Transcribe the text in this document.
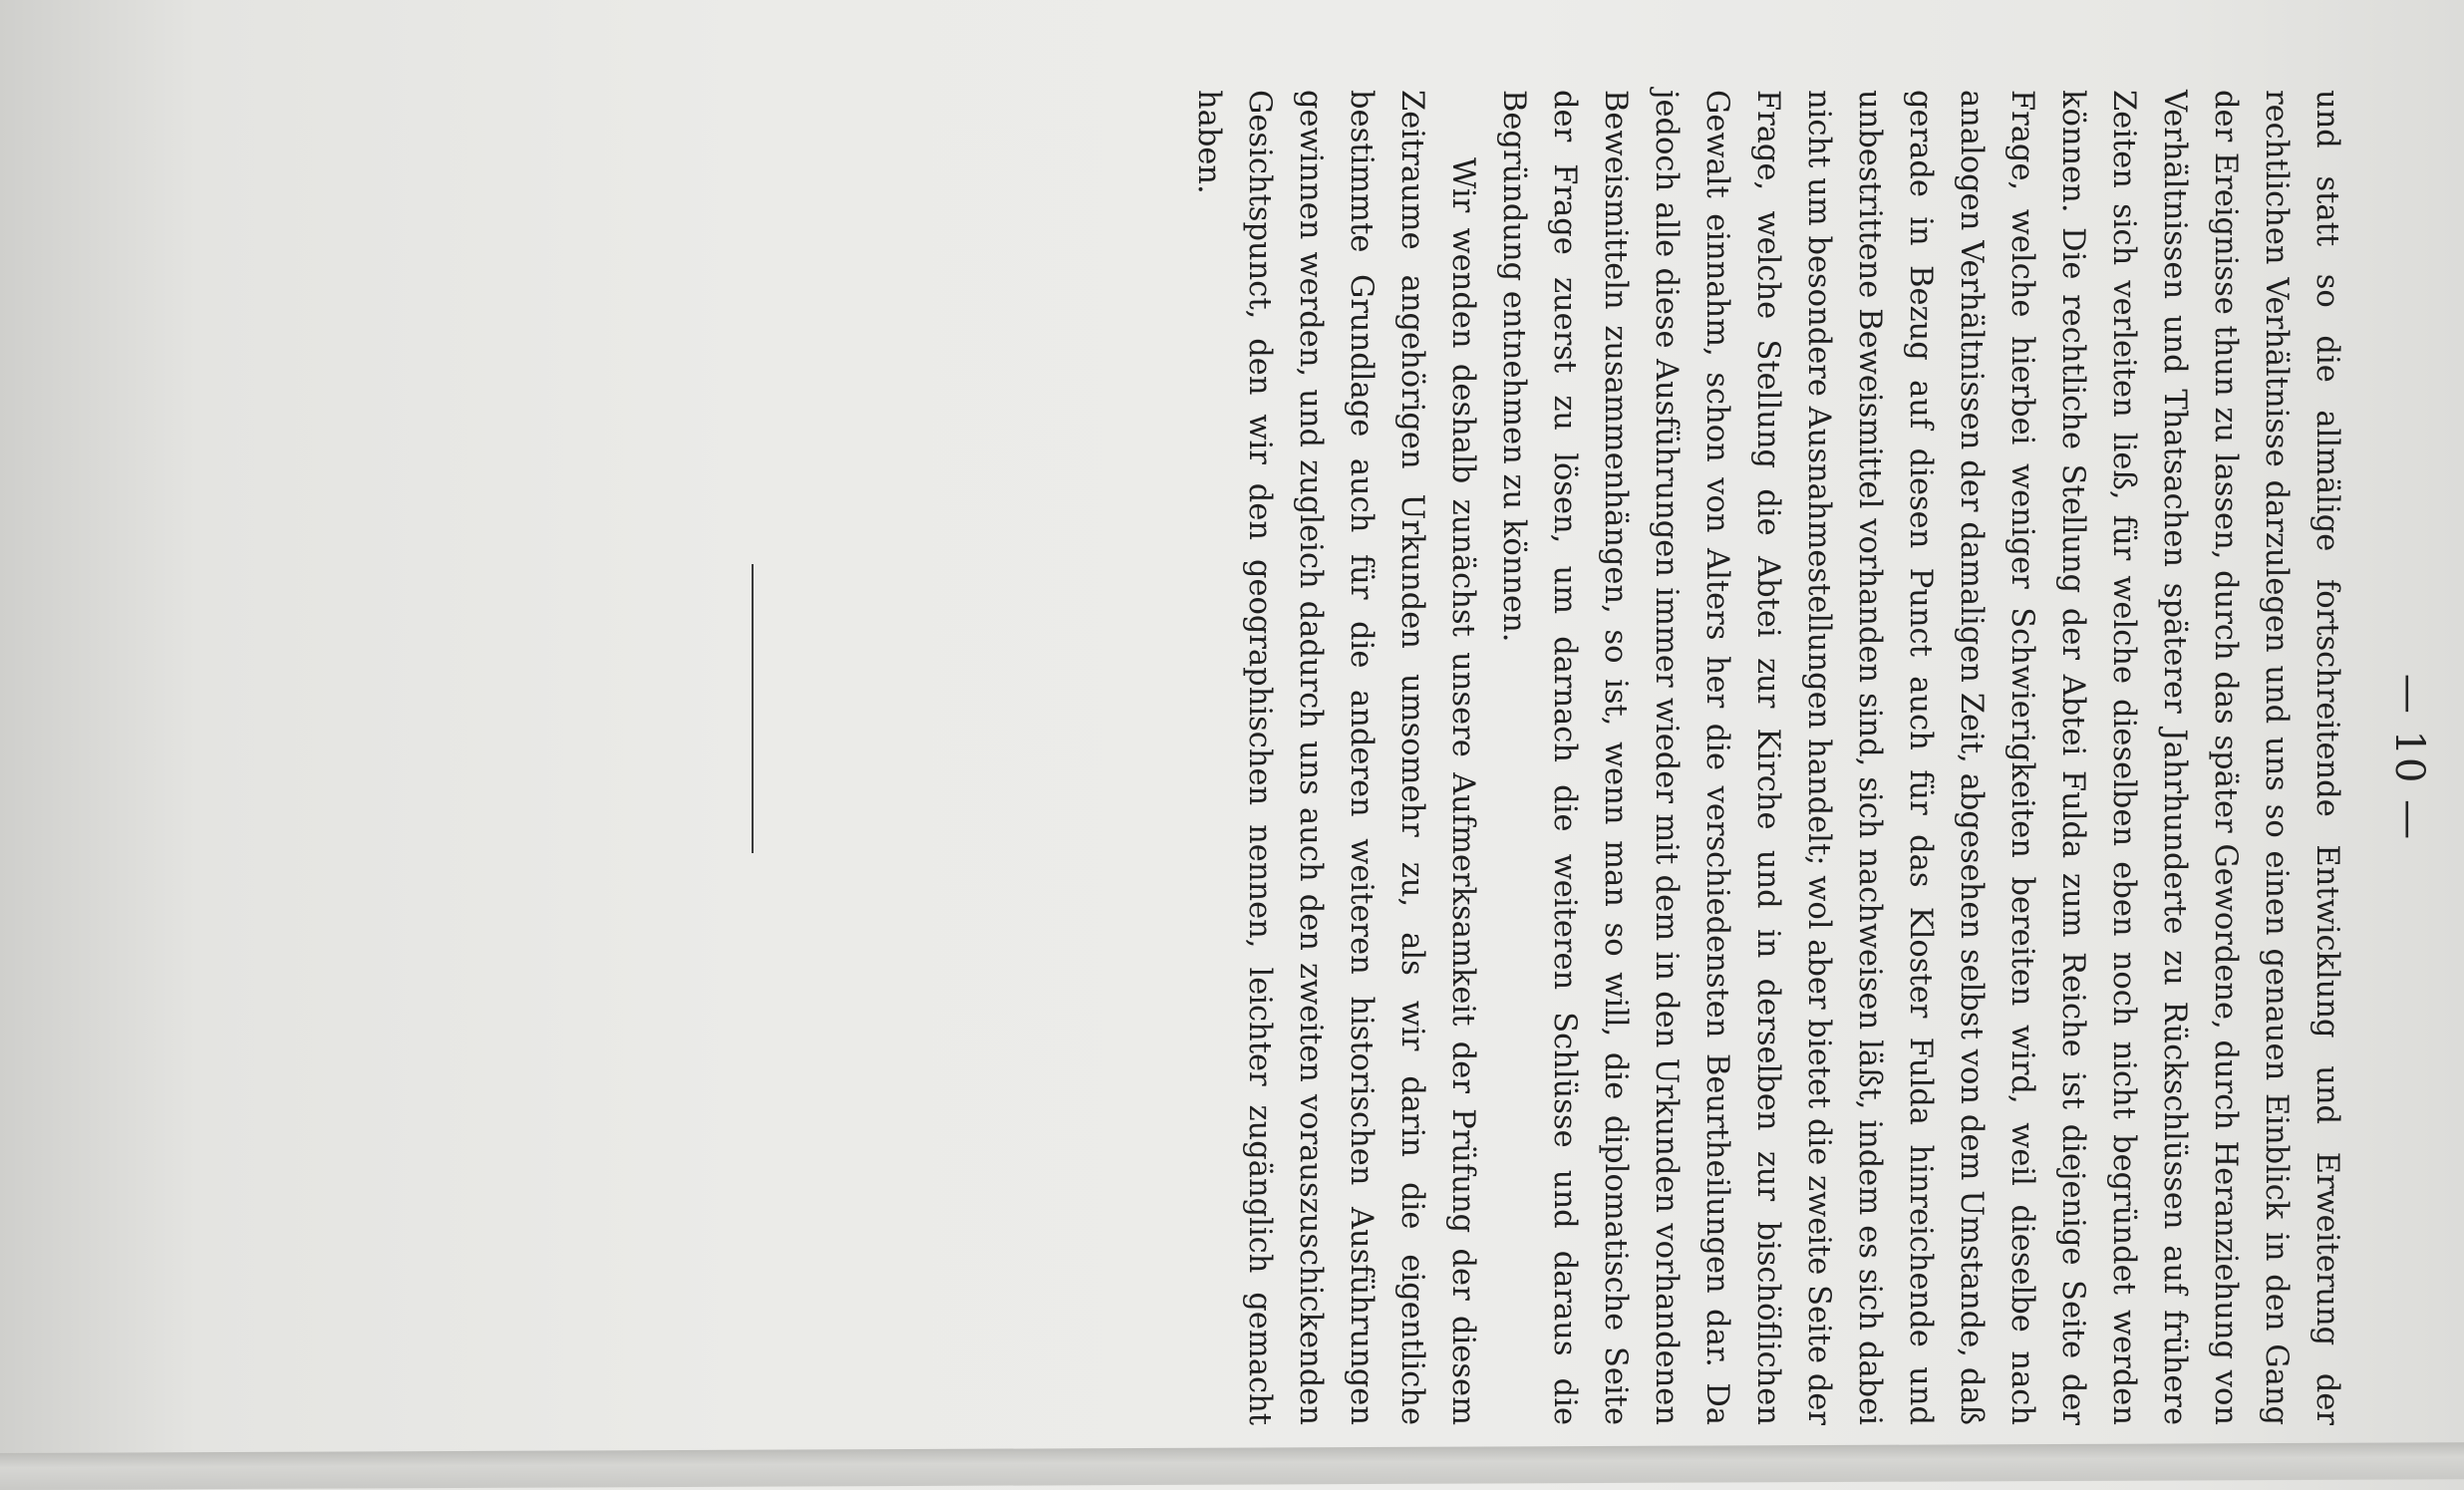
— 10 —

und statt so die allmälige fortschreitende Entwicklung und Erweiterung der rechtlichen Verhältnisse darzulegen und uns so einen genauen Einblick in den Gang der Ereignisse thun zu lassen, durch das später Gewordene, durch Heranziehung von Verhältnissen und Thatsachen späterer Jahrhunderte zu Rückschlüssen auf frühere Zeiten sich verleiten ließ, für welche dieselben eben noch nicht begründet werden können. Die rechtliche Stellung der Abtei Fulda zum Reiche ist diejenige Seite der Frage, welche hierbei weniger Schwierigkeiten bereiten wird, weil dieselbe nach analogen Verhältnissen der damaligen Zeit, abgesehen selbst von dem Umstande, daß gerade in Bezug auf diesen Punct auch für das Kloster Fulda hinreichende und unbestrittene Beweismittel vorhanden sind, sich nachweisen läßt, indem es sich dabei nicht um besondere Ausnahmestellungen handelt; wol aber bietet die zweite Seite der Frage, welche Stellung die Abtei zur Kirche und in derselben zur bischöflichen Gewalt einnahm, schon von Alters her die verschiedensten Beurtheilungen dar. Da jedoch alle diese Ausführungen immer wieder mit dem in den Urkunden vorhandenen Beweismitteln zusammenhängen, so ist, wenn man so will, die diplomatische Seite der Frage zuerst zu lösen, um darnach die weiteren Schlüsse und daraus die Begründung entnehmen zu können.

Wir wenden deshalb zunächst unsere Aufmerksamkeit der Prüfung der diesem Zeitraume angehörigen Urkunden umsomehr zu, als wir darin die eigentliche bestimmte Grundlage auch für die anderen weiteren historischen Ausführungen gewinnen werden, und zugleich dadurch uns auch den zweiten vorauszuschickenden Gesichtspunct, den wir den geographischen nennen, leichter zugänglich gemacht haben.
